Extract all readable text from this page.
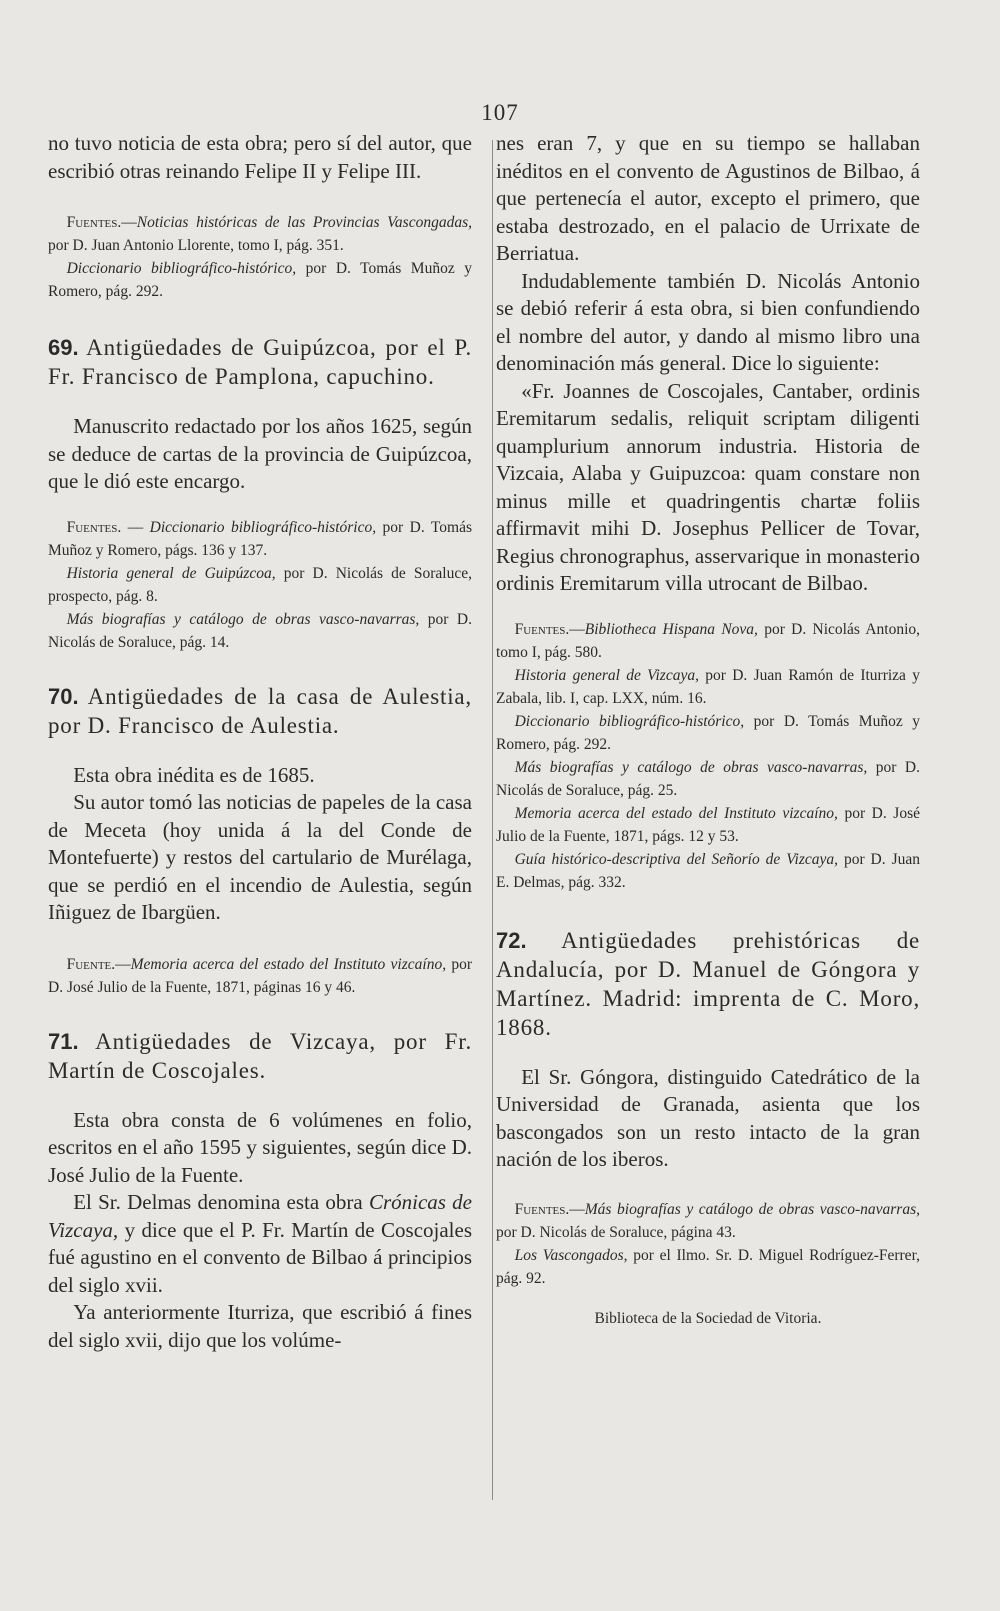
107

no tuvo noticia de esta obra; pero sí del autor, que escribió otras reinando Felipe II y Felipe III.

Fuentes.—Noticias históricas de las Provincias Vascongadas, por D. Juan Antonio Llorente, tomo I, pág. 351.
Diccionario bibliográfico-histórico, por D. Tomás Muñoz y Romero, pág. 292.
69. Antigüedades de Guipúzcoa, por el P. Fr. Francisco de Pamplona, capuchino.

Manuscrito redactado por los años 1625, según se deduce de cartas de la provincia de Guipúzcoa, que le dió este encargo.

Fuentes. — Diccionario bibliográfico-histórico, por D. Tomás Muñoz y Romero, págs. 136 y 137.
Historia general de Guipúzcoa, por D. Nicolás de Soraluce, prospecto, pág. 8.
Más biografías y catálogo de obras vasco-navarras, por D. Nicolás de Soraluce, pág. 14.
70. Antigüedades de la casa de Aulestia, por D. Francisco de Aulestia.

Esta obra inédita es de 1685.

Su autor tomó las noticias de papeles de la casa de Meceta (hoy unida á la del Conde de Montefuerte) y restos del cartulario de Murélaga, que se perdió en el incendio de Aulestia, según Iñiguez de Ibargüen.

Fuente.—Memoria acerca del estado del Instituto vizcaíno, por D. José Julio de la Fuente, 1871, páginas 16 y 46.
71. Antigüedades de Vizcaya, por Fr. Martín de Coscojales.

Esta obra consta de 6 volúmenes en folio, escritos en el año 1595 y siguientes, según dice D. José Julio de la Fuente.

El Sr. Delmas denomina esta obra Crónicas de Vizcaya, y dice que el P. Fr. Martín de Coscojales fué agustino en el convento de Bilbao á principios del siglo xvii.

Ya anteriormente Iturriza, que escribió á fines del siglo xvii, dijo que los volúme-

nes eran 7, y que en su tiempo se hallaban inéditos en el convento de Agustinos de Bilbao, á que pertenecía el autor, excepto el primero, que estaba destrozado, en el palacio de Urrixate de Berriatua.

Indudablemente también D. Nicolás Antonio se debió referir á esta obra, si bien confundiendo el nombre del autor, y dando al mismo libro una denominación más general. Dice lo siguiente:

«Fr. Joannes de Coscojales, Cantaber, ordinis Eremitarum sedalis, reliquit scriptam diligenti quamplurium annorum industria. Historia de Vizcaia, Alaba y Guipuzcoa: quam constare non minus mille et quadringentis chartæ foliis affirmavit mihi D. Josephus Pellicer de Tovar, Regius chronographus, asservarique in monasterio ordinis Eremitarum villa utrocant de Bilbao.

Fuentes.—Bibliotheca Hispana Nova, por D. Nicolás Antonio, tomo I, pág. 580.
Historia general de Vizcaya, por D. Juan Ramón de Iturriza y Zabala, lib. I, cap. LXX, núm. 16.
Diccionario bibliográfico-histórico, por D. Tomás Muñoz y Romero, pág. 292.
Más biografías y catálogo de obras vasco-navarras, por D. Nicolás de Soraluce, pág. 25.
Memoria acerca del estado del Instituto vizcaíno, por D. José Julio de la Fuente, 1871, págs. 12 y 53.
Guía histórico-descriptiva del Señorío de Vizcaya, por D. Juan E. Delmas, pág. 332.
72. Antigüedades prehistóricas de Andalucía, por D. Manuel de Góngora y Martínez. Madrid: imprenta de C. Moro, 1868.

El Sr. Góngora, distinguido Catedrático de la Universidad de Granada, asienta que los bascongados son un resto intacto de la gran nación de los iberos.

Fuentes.—Más biografías y catálogo de obras vasco-navarras, por D. Nicolás de Soraluce, página 43.
Los Vascongados, por el Ilmo. Sr. D. Miguel Rodríguez-Ferrer, pág. 92.
Biblioteca de la Sociedad de Vitoria.
